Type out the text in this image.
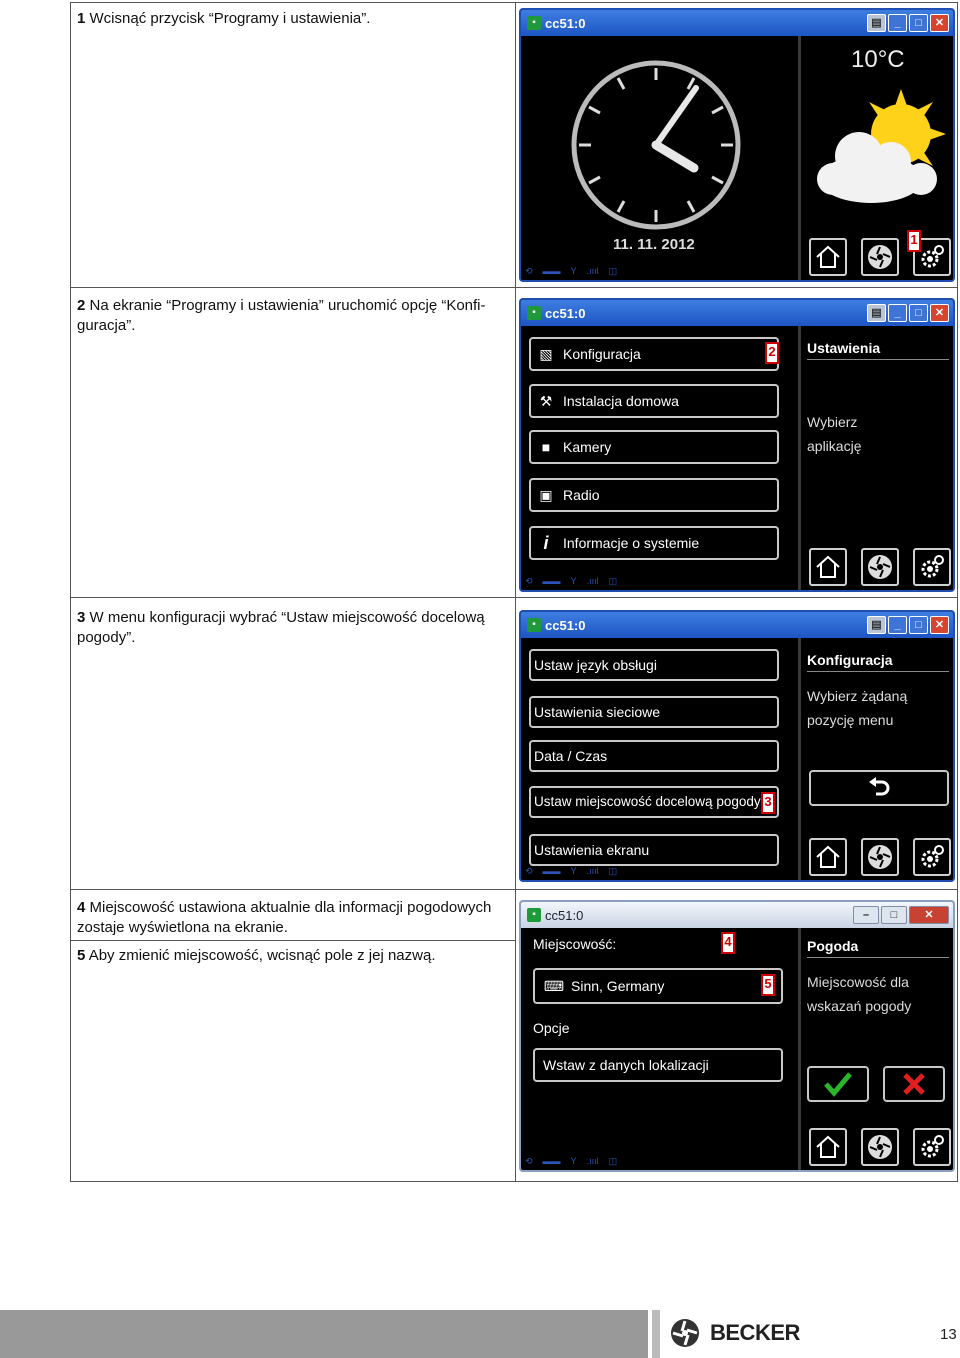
1 Wcisnąć przycisk “Programy i ustawienia”.	▪ cc51:0	▤	_	□	✕
11. 11. 2012
⟲ ▬▬ Y .ıııl ◫
10°C
1
2 Na ekranie “Programy i ustawienia” uruchomić opcję “Konfi-
guracja”.
▪ cc51:0	▤	_	□	✕
▧ Konfiguracja
⚒ Instalacja domowa
■ Kamery
▣ Radio
i	Informacje o systemie
2
⟲ ▬▬ Y .ıııl ◫
Ustawienia
Wybierz
aplikację
3 W menu konfiguracji wybrać “Ustaw miejscowość docelową
pogody”.
▪ cc51:0	▤	_	□	✕
Ustaw język obsługi
Ustawienia sieciowe
Data / Czas
Ustaw miejscowość docelową pogody
Ustawienia ekranu
3
⟲ ▬▬ Y .ıııl ◫
Konfiguracja
Wybierz żądaną
pozycję menu
4 Miejscowość ustawiona aktualnie dla informacji pogodowych
zostaje wyświetlona na ekranie.
5 Aby zmienić miejscowość, wcisnąć pole z jej nazwą.
▪ cc51:0	–	□	✕
Miejscowość:	4
⌨ Sinn, Germany	5
Opcje
Wstaw z danych lokalizacji
⟲ ▬▬ Y .ıııl ◫
Pogoda
Miejscowość dla
wskazań pogody
BECKER	13
